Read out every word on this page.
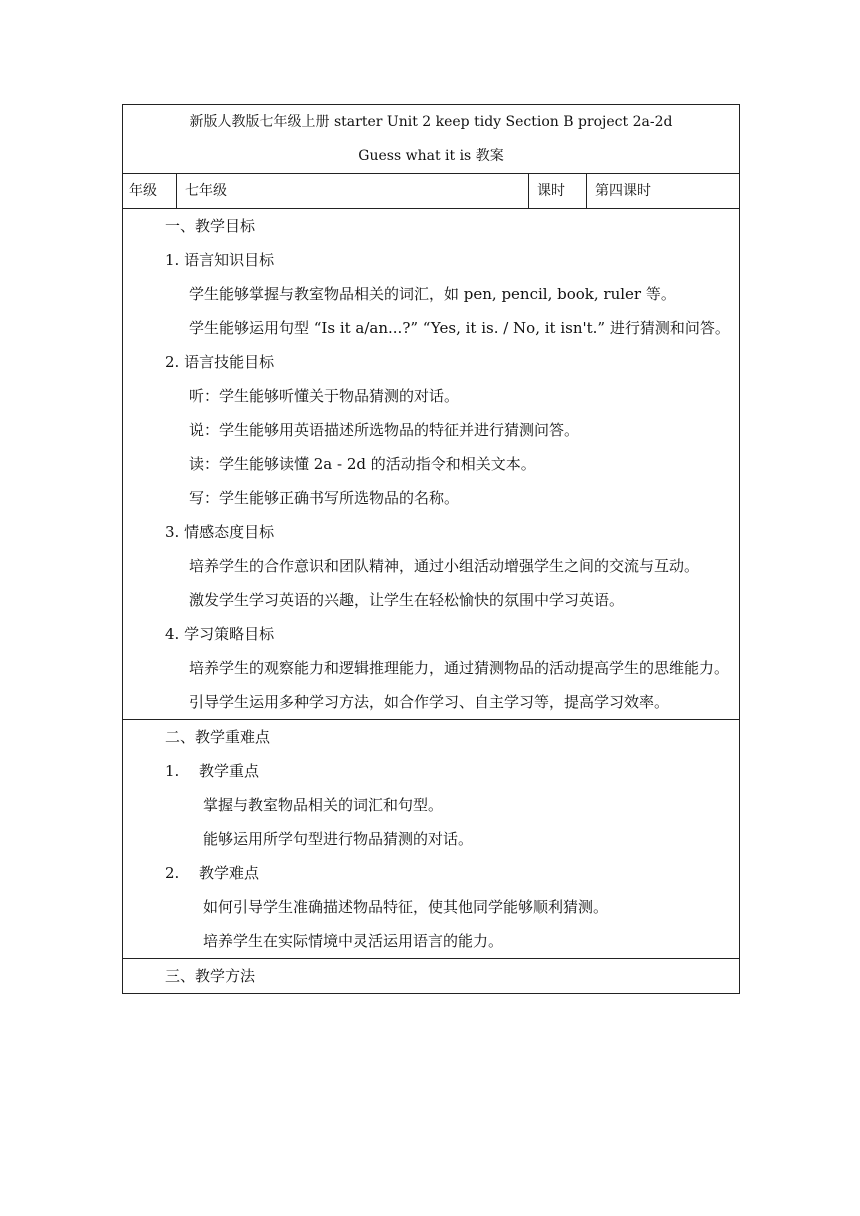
新版人教版七年级上册 starter Unit 2 keep tidy Section B project 2a-2d
Guess what it is 教案
年级	七年级	课时	第四课时
一、教学目标
1. 语言知识目标
学生能够掌握与教室物品相关的词汇，如 pen, pencil, book, ruler 等。
学生能够运用句型 “Is it a/an...?” “Yes, it is. / No, it isn't.” 进行猜测和问答。
2. 语言技能目标
听：学生能够听懂关于物品猜测的对话。
说：学生能够用英语描述所选物品的特征并进行猜测问答。
读：学生能够读懂 2a - 2d 的活动指令和相关文本。
写：学生能够正确书写所选物品的名称。
3. 情感态度目标
培养学生的合作意识和团队精神，通过小组活动增强学生之间的交流与互动。
激发学生学习英语的兴趣，让学生在轻松愉快的氛围中学习英语。
4. 学习策略目标
培养学生的观察能力和逻辑推理能力，通过猜测物品的活动提高学生的思维能力。
引导学生运用多种学习方法，如合作学习、自主学习等，提高学习效率。
二、教学重难点
1. 教学重点
掌握与教室物品相关的词汇和句型。
能够运用所学句型进行物品猜测的对话。
2. 教学难点
如何引导学生准确描述物品特征，使其他同学能够顺利猜测。
培养学生在实际情境中灵活运用语言的能力。
三、教学方法
